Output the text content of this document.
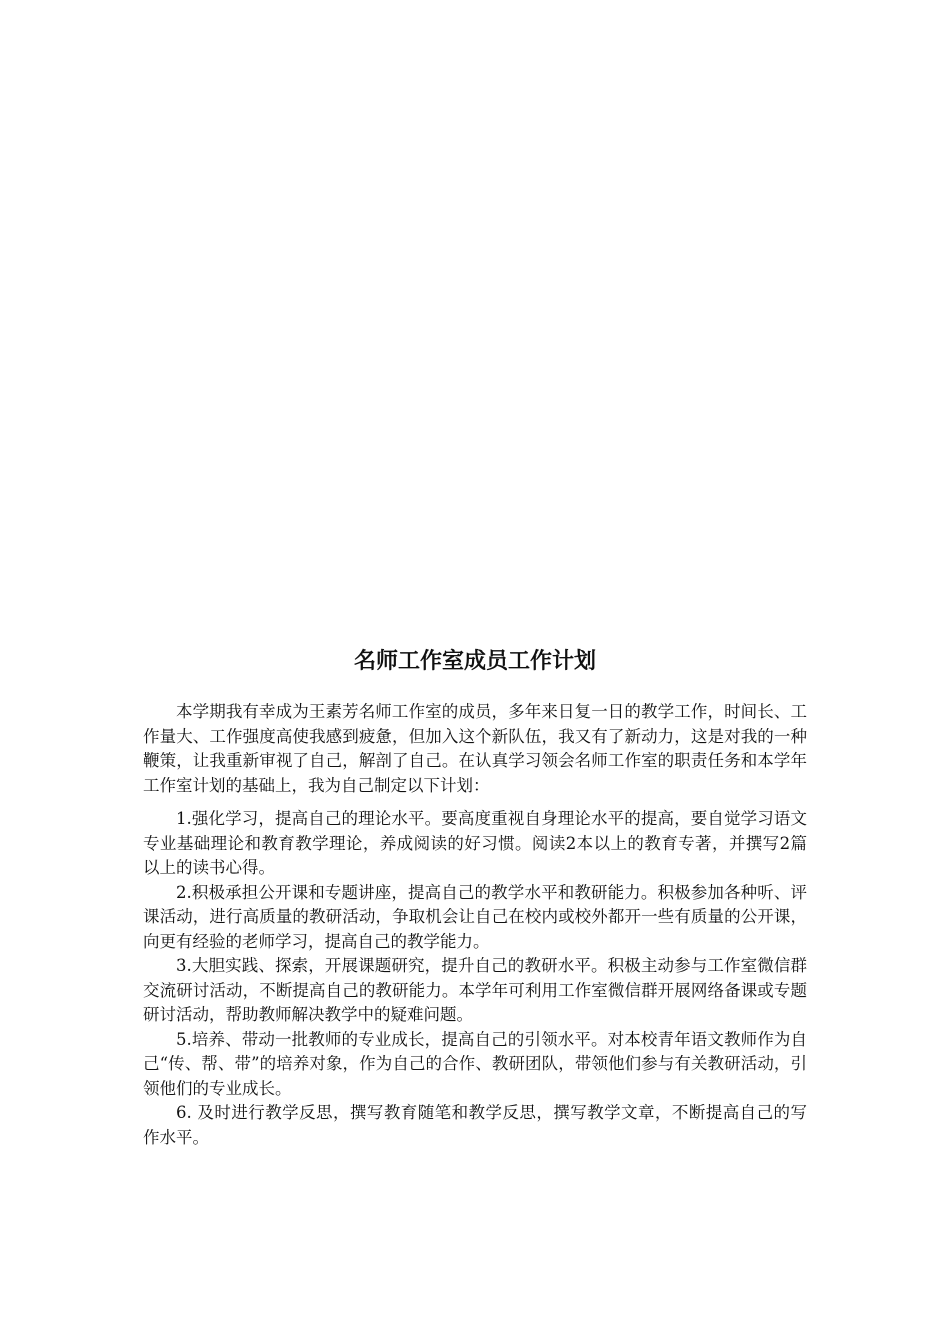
名师工作室成员工作计划

本学期我有幸成为王素芳名师工作室的成员，多年来日复一日的教学工作，时间长、工作量大、工作强度高使我感到疲惫，但加入这个新队伍，我又有了新动力，这是对我的一种鞭策，让我重新审视了自己，解剖了自己。在认真学习领会名师工作室的职责任务和本学年工作室计划的基础上，我为自己制定以下计划：

1.强化学习，提高自己的理论水平。要高度重视自身理论水平的提高，要自觉学习语文专业基础理论和教育教学理论，养成阅读的好习惯。阅读2本以上的教育专著，并撰写2篇以上的读书心得。

2.积极承担公开课和专题讲座，提高自己的教学水平和教研能力。积极参加各种听、评课活动，进行高质量的教研活动，争取机会让自己在校内或校外都开一些有质量的公开课，向更有经验的老师学习，提高自己的教学能力。

3.大胆实践、探索，开展课题研究，提升自己的教研水平。积极主动参与工作室微信群交流研讨活动，不断提高自己的教研能力。本学年可利用工作室微信群开展网络备课或专题研讨活动，帮助教师解决教学中的疑难问题。

5.培养、带动一批教师的专业成长，提高自己的引领水平。对本校青年语文教师作为自己“传、帮、带”的培养对象，作为自己的合作、教研团队，带领他们参与有关教研活动，引领他们的专业成长。

6. 及时进行教学反思，撰写教育随笔和教学反思，撰写教学文章，不断提高自己的写作水平。
